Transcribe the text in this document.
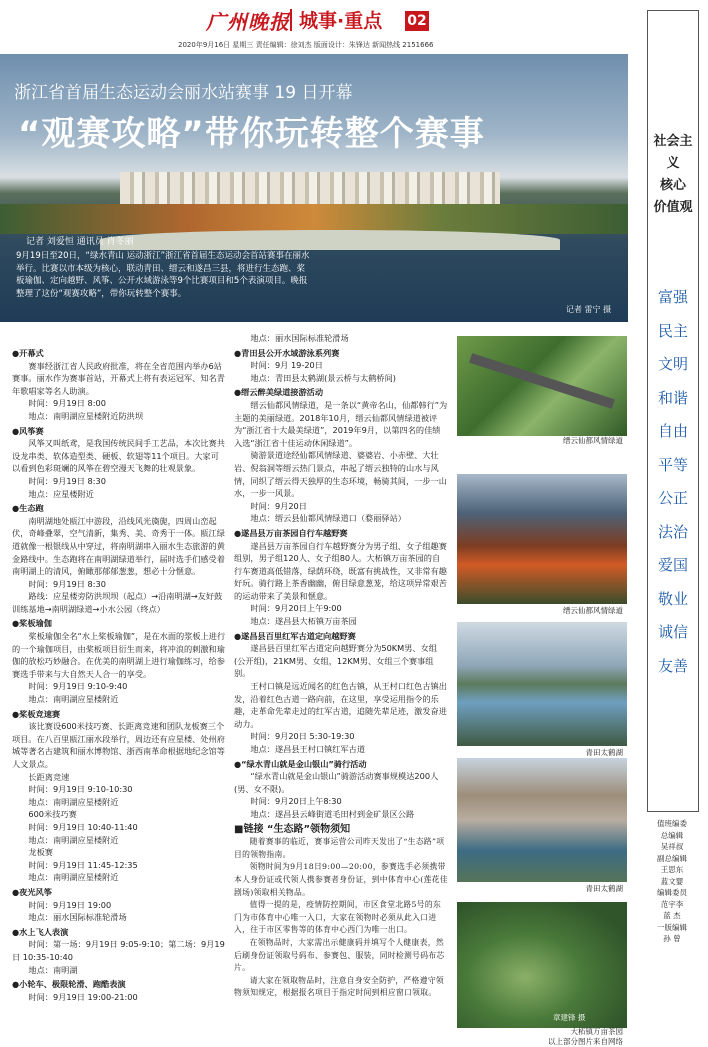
广州晚报 城事·重点 02
2020年9月16日 星期三 责任编辑：徐刘杰 版面设计：朱锋达 新闻热线 2151666
浙江省首届生态运动会丽水站赛事 19 日开幕
“观赛攻略”带你玩转整个赛事
记者 刘爱恒 通讯员 肖冬丽
9月19日至20日，“绿水青山 运动浙江”浙江省首届生态运动会首站赛事在丽水举行。比赛以市本级为核心，联动青田、缙云和遂昌三县，将进行生态跑、桨板瑜伽、定向越野、风筝、公开水域游泳等9个比赛项目和5个表演项目。晚报整理了这份“观赛攻略”，带你玩转整个赛事。
记者 雷宁 摄
社会主义
核心
价值观
富强
民主
文明
和谐
自由
平等
公正
法治
爱国
敬业
诚信
友善
值班编委
总编辑
吴祥叔
副总编辑
王思东
蓝文婴
编辑委员
范宇李
蓝 杰
一版编辑
孙 曾

●开幕式

赛事经浙江省人民政府批准，将在全省范围内举办6站赛事。丽水作为赛事首站，开幕式上将有表运冠军、知名青年歌唱家等名人助演。

时间：9月19日 8:00

地点：南明湖应星楼附近防洪坝

●风筝赛

风筝又叫纸鸢，是我国传统民间手工艺品，本次比赛共设龙串类、软体造型类、硬板、软翅等11个项目。大家可以看到色彩斑斓的风筝在碧空漫天飞舞的壮观景象。

时间：9月19日 8:30

地点：应星楼附近

●生态跑

南明湖地处瓯江中游段，沿线风光旖旎，四周山峦起伏，奇峰叠翠，空气清新，集秀、美、奇秀于一体。瓯江绿道就像一根银线从中穿过，将南明湖串入丽水生态旅游的黄金路线中。生态跑将在南明湖绿道举行，届时选手们感受着南明湖上的清风，俯瞰那郁郁葱葱，想必十分惬意。

时间：9月19日 8:30

路线：应星楼旁防洪坝坝（起点）→沿南明湖→友好鼓训练基地→南明湖绿道→小水公园（终点）

●桨板瑜伽

桨板瑜伽全名“水上桨板瑜伽”，是在水面的浆板上进行的一个瑜伽项目，由桨板项目衍生而来，将冲浪的刺激和瑜伽的放松巧妙融合。在优美的南明湖上进行瑜伽练习，给参赛选手带来与大自然天人合一的享受。

时间：9月19日 9:10-9:40

地点：南明湖应星楼附近

●桨板竞速赛

该比赛设600米技巧赛、长距离竞速和团队龙板赛三个项目。在八百里瓯江丽水段举行，周边还有应星楼、处州府城等著名古建筑和丽水博物馆、浙西南革命根据地纪念馆等人文景点。

长距离竞速

时间：9月19日 9:10-10:30

地点：南明湖应星楼附近

600米技巧赛

时间：9月19日 10:40-11:40

地点：南明湖应星楼附近

龙板赛

时间：9月19日 11:45-12:35

地点：南明湖应星楼附近

●夜光风筝

时间：9月19日 19:00

地点：丽水国际标准轮滑场

●水上飞人表演

时间：第一场：9月19日 9:05-9:10；第二场：9月19日 10:35-10:40

地点：南明湖

●小轮车、极限轮滑、跑酷表演

时间：9月19日 19:00-21:00

地点：丽水国际标准轮滑场

●青田县公开水域游泳系列赛

时间：9月 19-20日

地点：青田县太鹤湖(景云桥与太鹤桥间)

●缙云醉美绿道接游活动

缙云仙都风情绿道，是一条以“黄帝名山，仙都韩行”为主题的美丽绿道。2018年10月，缙云仙都风情绿道被评为“浙江省十大最美绿道”，2019年9月，以第四名的佳绩入选“浙江省十佳运动休闲绿道”。

骑游景道途经仙都风情绿道、婆婆岩、小赤壁、大壮岩、倪翁洞等缙云热门景点，串起了缙云独特的山水与风情，同织了缙云得天独厚的生态环境，畅骑其间，一步一山水，一步一风景。

时间：9月20日

地点：缙云县仙都风情绿道口（婺丽驿站）

●遂昌县万亩茶园自行车越野赛

遂昌县万亩茶园自行车越野赛分为男子组、女子组趣赛组别，男子组120人、女子组80人。大柘镇万亩茶园的自行车赛道高低错落，绿荫环绕，既富有挑战性，又非常有趣好玩。骑行路上茶香幽幽，俯目绿意葱茏，给这项异常艰苦的运动带来了美景和惬意。

时间：9月20日上午9:00

地点：遂昌县大柘镇万亩茶园

●遂昌县百里红军古道定向越野赛

遂昌县百里红军古道定向越野赛分为50KM男、女组(公开组)，21KM男、女组，12KM男、女组三个赛事组别。

王村口镇是远近闻名的红色古镇，从王村口红色古镇出发，沿着红色古道一路向前，在这里，享受运用指令的乐趣，走革命先辈走过的红军古道，追随先辈足迹，激发奋进动力。

时间：9月20日 5:30-19:30

地点：遂昌县王村口镇红军古道

●“绿水青山就是金山银山”骑行活动

“绿水青山就是金山银山”骑游活动赛事规模达200人(男、女不限)。

时间：9月20日上午8:30

地点：遂昌县云峰街道毛田村到金矿景区公路

■链接 “生态路”领物须知

随着赛事的临近，赛事运营公司昨天发出了“生态路”项目的领物指南。

领物时间为9月18日9:00—20:00，参赛选手必须携带本人身份证或代领人携参赛者身份证，到中体育中心(莲花佳剧场)领取相关物品。

值得一提的是，疫情防控期间，市区食堂北路5号的东门为市体育中心唯一入口，大家在领物时必须从此入口进入，往于市区零售等的体育中心西门为唯一出口。

在领物品时，大家需出示健康码并填写个人健康表，然后刷身份证领取号码布、参赛包、服装，同时检测号码布芯片。

请大家在领取物品时，注意自身安全防护，严格遵守领物须知规定，根据报名项目于指定时间到相应窗口领取。

缙云仙都风情绿道
缙云仙都风情绿道
青田太鹤湖
青田太鹤湖
章建锋 摄
大柘镇万亩茶园
以上部分图片来自网络
